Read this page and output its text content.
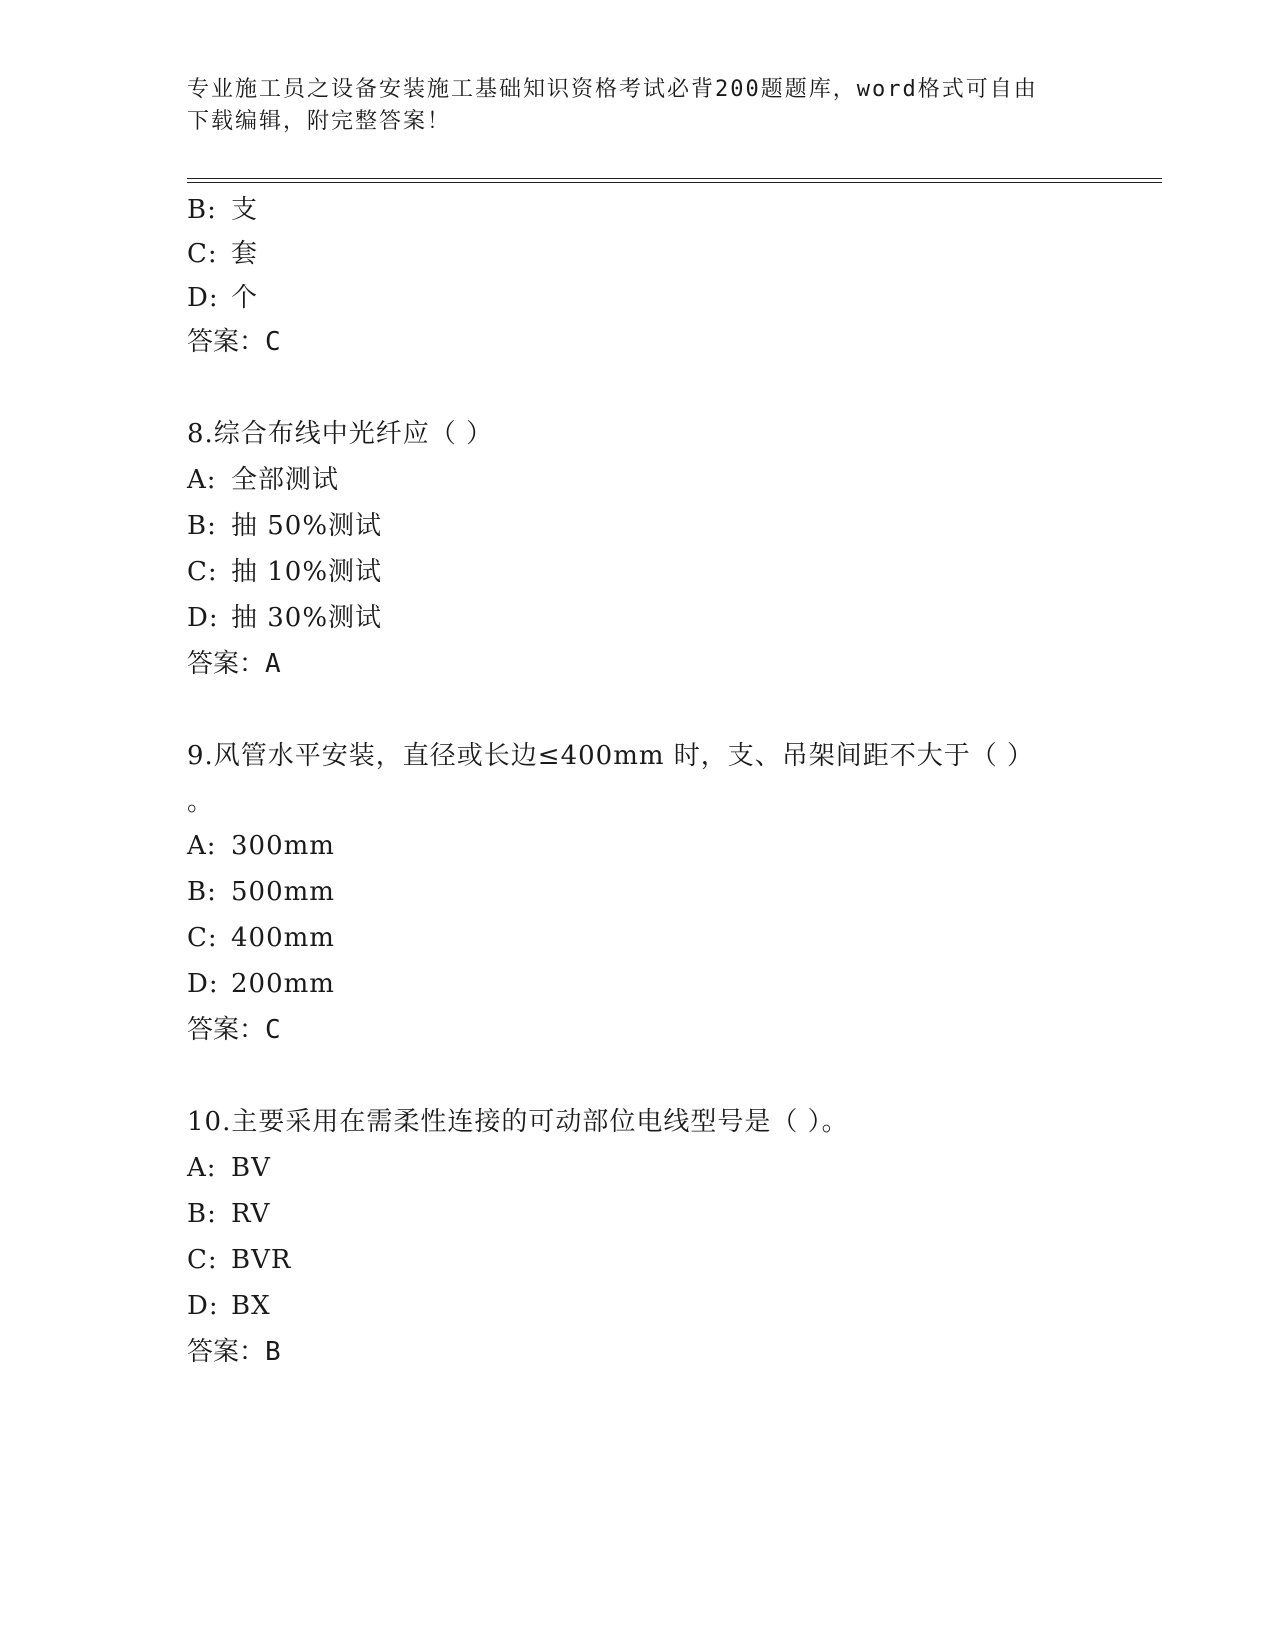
专业施工员之设备安装施工基础知识资格考试必背200题题库，word格式可自由
下载编辑，附完整答案！
B: 支
C: 套
D: 个
答案：C
8.综合布线中光纤应（ ）
A: 全部测试
B: 抽 50%测试
C: 抽 10%测试
D: 抽 30%测试
答案：A
9.风管水平安装，直径或长边≤400mm 时，支、吊架间距不大于（ ）
。
A: 300mm
B: 500mm
C: 400mm
D: 200mm
答案：C
10.主要采用在需柔性连接的可动部位电线型号是（ ）。
A: BV
B: RV
C: BVR
D: BX
答案：B
